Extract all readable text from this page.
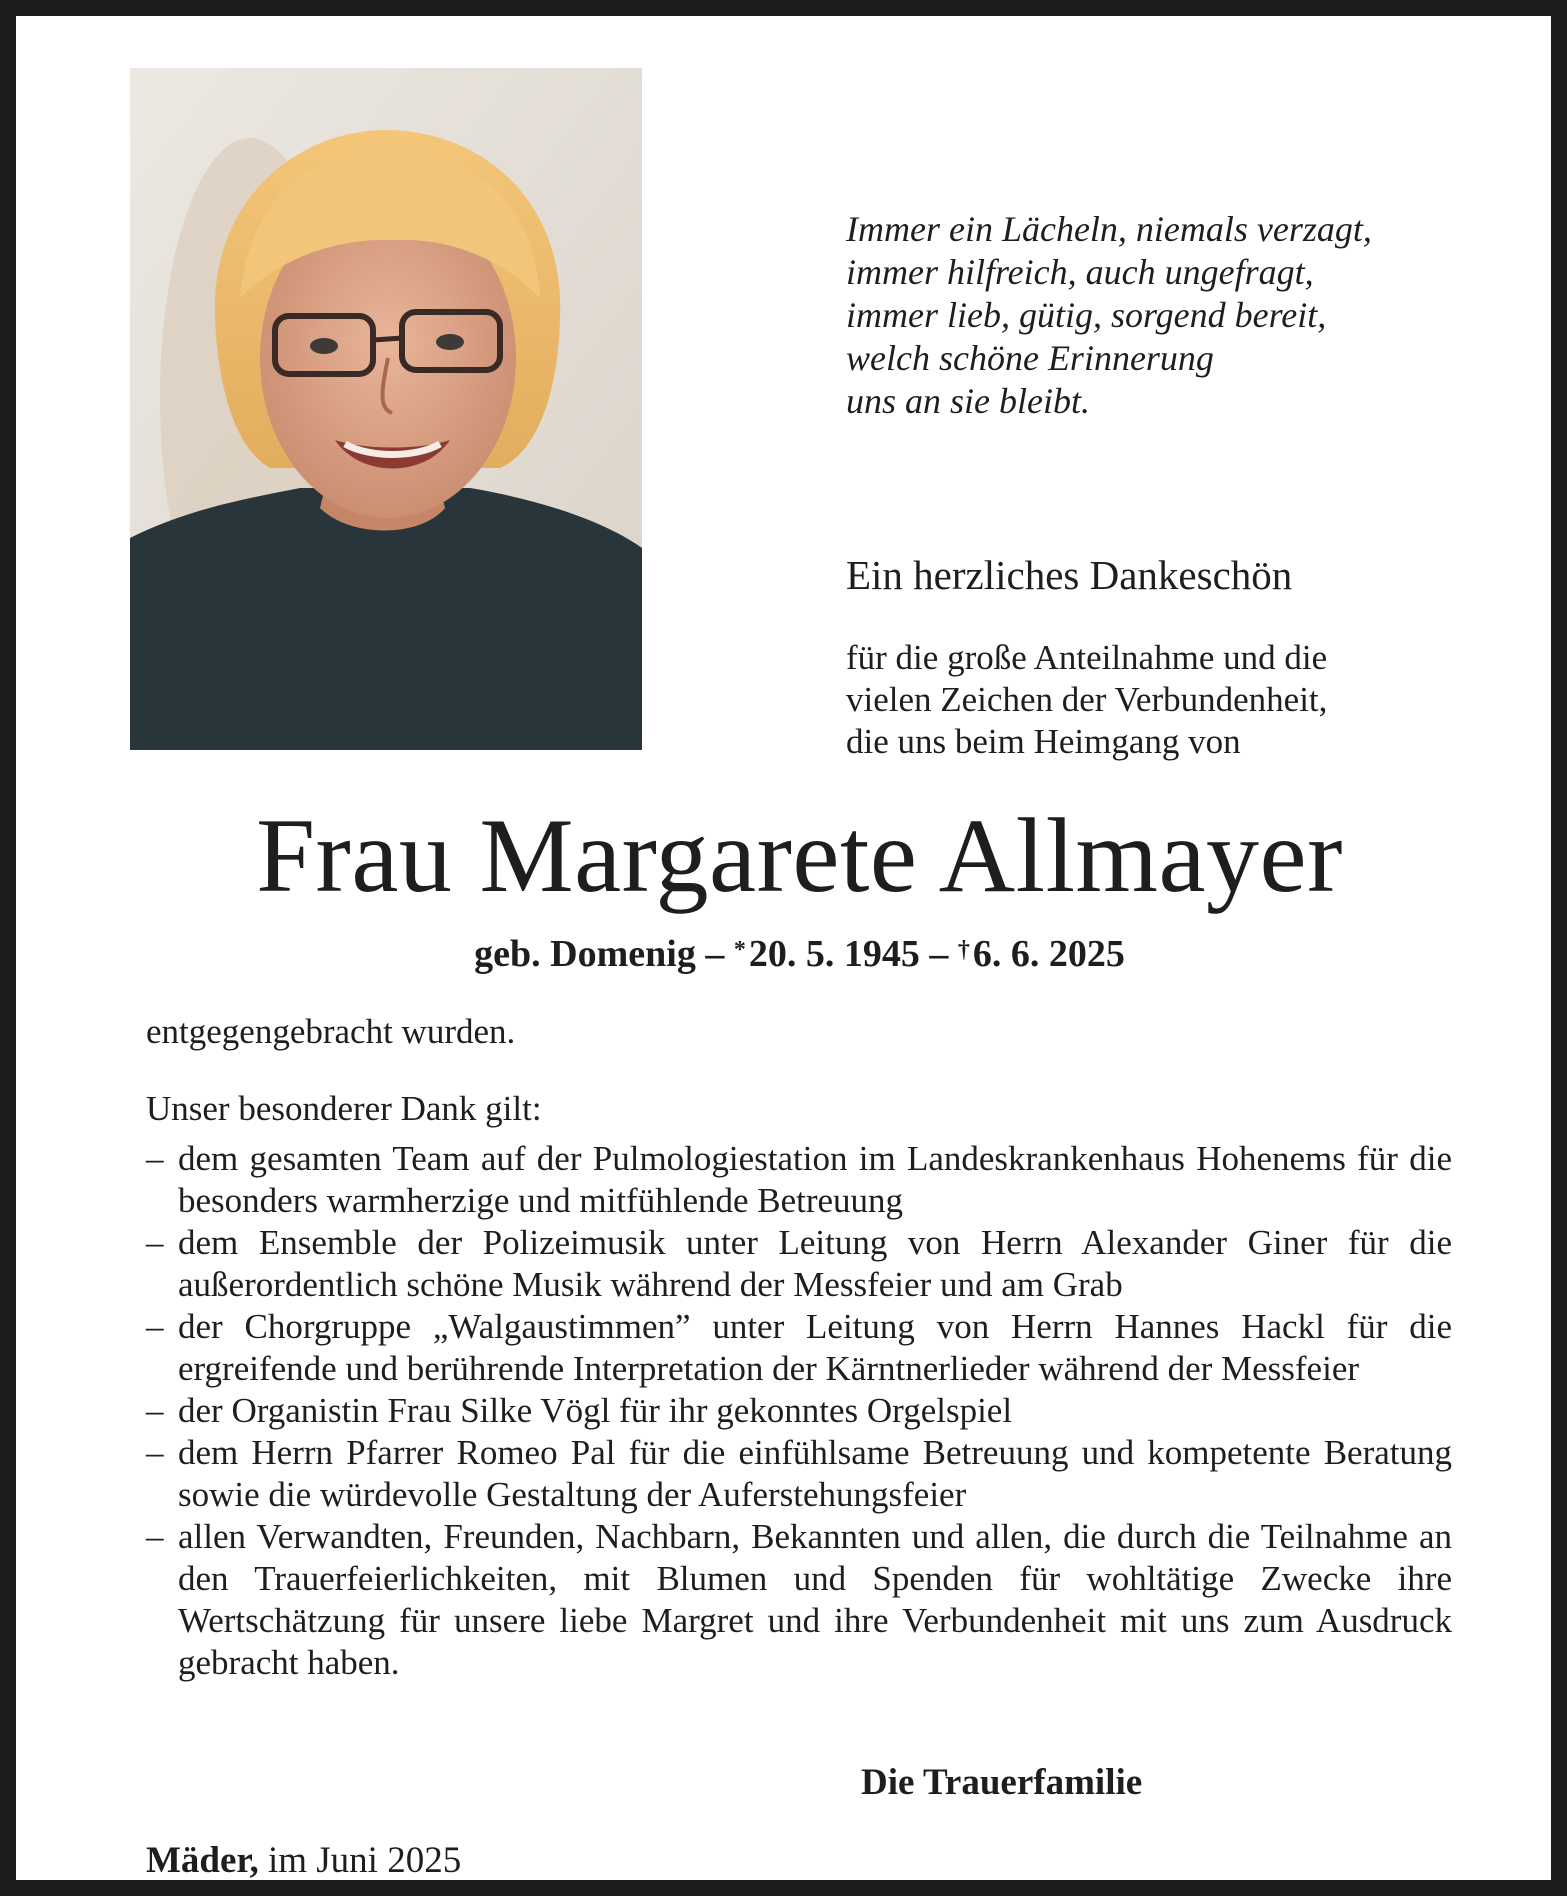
Immer ein Lächeln, niemals verzagt,
immer hilfreich, auch ungefragt,
immer lieb, gütig, sorgend bereit,
welch schöne Erinnerung
uns an sie bleibt.
Ein herzliches Dankeschön
für die große Anteilnahme und die
vielen Zeichen der Verbundenheit,
die uns beim Heimgang von
Frau Margarete Allmayer
geb. Domenig – *20. 5. 1945 – †6. 6. 2025
entgegengebracht wurden.
Unser besonderer Dank gilt:
– dem gesamten Team auf der Pulmologiestation im Landeskrankenhaus Hohenems für die besonders warmherzige und mitfühlende Betreuung
– dem Ensemble der Polizeimusik unter Leitung von Herrn Alexander Giner für die außerordentlich schöne Musik während der Messfeier und am Grab
– der Chorgruppe „Walgaustimmen” unter Leitung von Herrn Hannes Hackl für die ergreifende und berührende Interpretation der Kärntnerlieder während der Messfeier
– der Organistin Frau Silke Vögl für ihr gekonntes Orgelspiel
– dem Herrn Pfarrer Romeo Pal für die einfühlsame Betreuung und kompetente Beratung sowie die würdevolle Gestaltung der Auferstehungsfeier
– allen Verwandten, Freunden, Nachbarn, Bekannten und allen, die durch die Teilnahme an den Trauerfeierlichkeiten, mit Blumen und Spenden für wohltätige Zwecke ihre Wertschätzung für unsere liebe Margret und ihre Verbundenheit mit uns zum Ausdruck gebracht haben.
Die Trauerfamilie
Mäder, im Juni 2025
